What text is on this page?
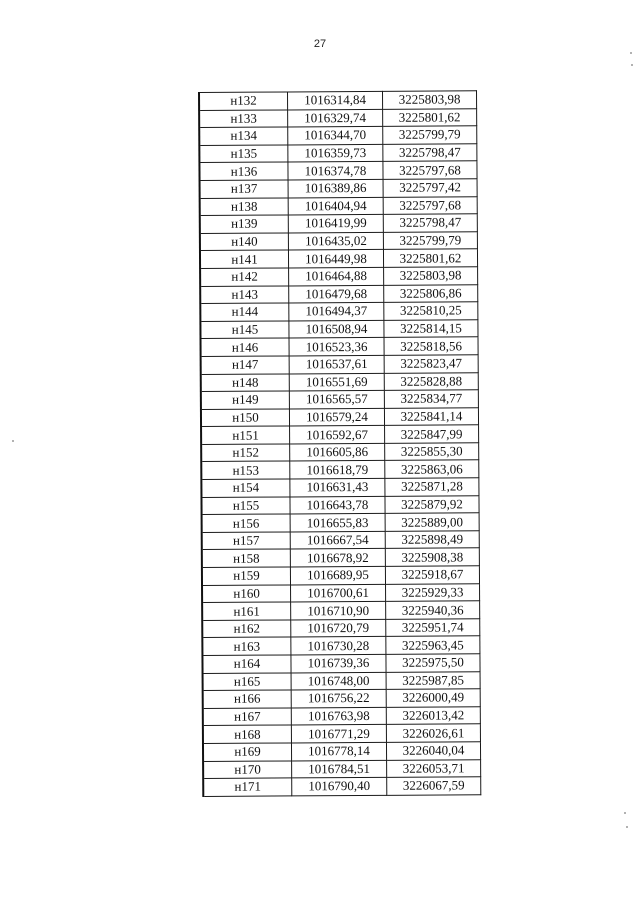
27
н132	1016314,84	3225803,98
н133	1016329,74	3225801,62
н134	1016344,70	3225799,79
н135	1016359,73	3225798,47
н136	1016374,78	3225797,68
н137	1016389,86	3225797,42
н138	1016404,94	3225797,68
н139	1016419,99	3225798,47
н140	1016435,02	3225799,79
н141	1016449,98	3225801,62
н142	1016464,88	3225803,98
н143	1016479,68	3225806,86
н144	1016494,37	3225810,25
н145	1016508,94	3225814,15
н146	1016523,36	3225818,56
н147	1016537,61	3225823,47
н148	1016551,69	3225828,88
н149	1016565,57	3225834,77
н150	1016579,24	3225841,14
н151	1016592,67	3225847,99
н152	1016605,86	3225855,30
н153	1016618,79	3225863,06
н154	1016631,43	3225871,28
н155	1016643,78	3225879,92
н156	1016655,83	3225889,00
н157	1016667,54	3225898,49
н158	1016678,92	3225908,38
н159	1016689,95	3225918,67
н160	1016700,61	3225929,33
н161	1016710,90	3225940,36
н162	1016720,79	3225951,74
н163	1016730,28	3225963,45
н164	1016739,36	3225975,50
н165	1016748,00	3225987,85
н166	1016756,22	3226000,49
н167	1016763,98	3226013,42
н168	1016771,29	3226026,61
н169	1016778,14	3226040,04
н170	1016784,51	3226053,71
н171	1016790,40	3226067,59
